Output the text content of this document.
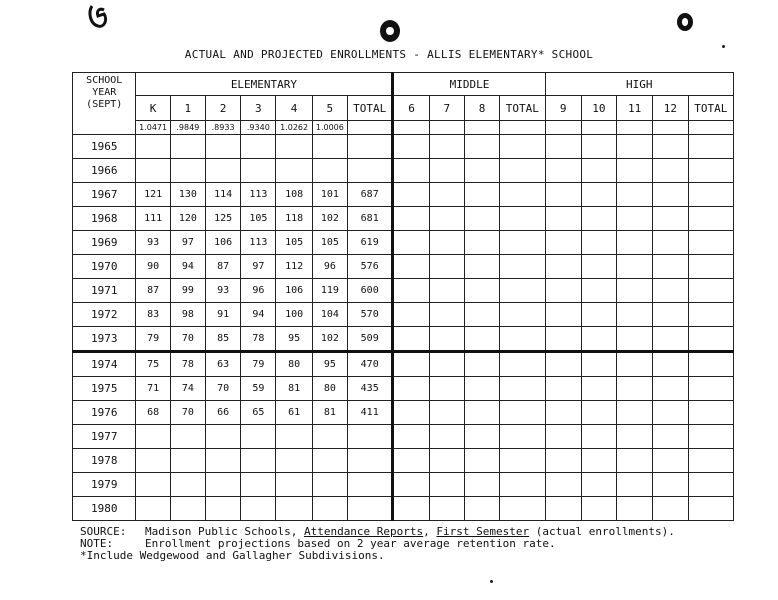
ACTUAL AND PROJECTED ENROLLMENTS - ALLIS ELEMENTARY* SCHOOL
SCHOOL YEAR (SEPT)	ELEMENTARY							MIDDLE				HIGH				
	K	1	2	3	4	5	TOTAL	6	7	8	TOTAL	9	10	11	12	TOTAL
	1.0471	.9849	.8933	.9340	1.0262	1.0006										
1965																
1966																
1967	121	130	114	113	108	101	687									
1968	111	120	125	105	118	102	681									
1969	93	97	106	113	105	105	619									
1970	90	94	87	97	112	96	576									
1971	87	99	93	96	106	119	600									
1972	83	98	91	94	100	104	570									
1973	79	70	85	78	95	102	509									
1974	75	78	63	79	80	95	470									
1975	71	74	70	59	81	80	435									
1976	68	70	66	65	61	81	411									
1977																
1978																
1979																
1980																
SOURCE:	Madison Public Schools, Attendance Reports, First Semester (actual enrollments).
NOTE:	Enrollment projections based on 2 year average retention rate.
*Include Wedgewood and Gallagher Subdivisions.
